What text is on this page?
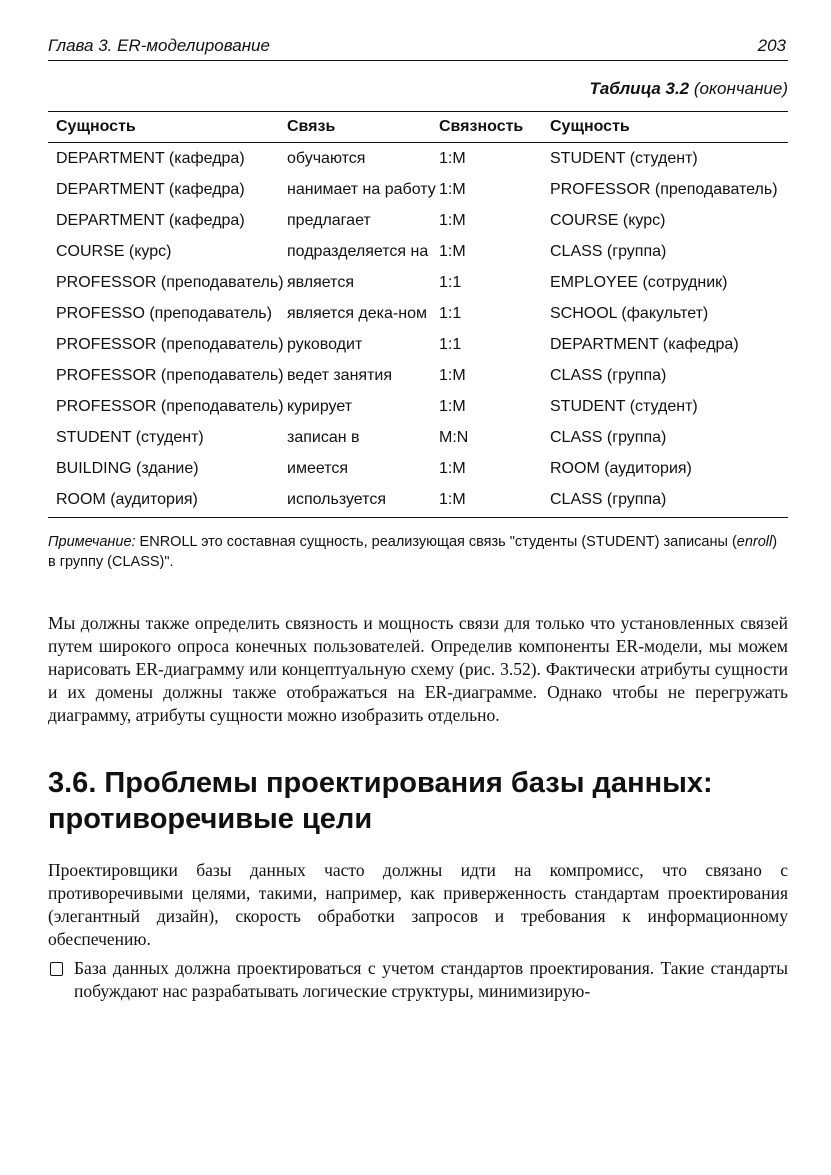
Глава 3. ER-моделирование	203
Таблица 3.2 (окончание)
Сущность	Связь	Связность	Сущность
DEPARTMENT (кафедра)	обучаются	1:M	STUDENT (студент)
DEPARTMENT (кафедра)	нанимает на работу	1:M	PROFESSOR (преподаватель)
DEPARTMENT (кафедра)	предлагает	1:M	COURSE (курс)
COURSE (курс)	подразделяется на	1:M	CLASS (группа)
PROFESSOR (преподаватель)	является	1:1	EMPLOYEE (сотрудник)
PROFESSO (преподаватель)	является дека-ном	1:1	SCHOOL (факультет)
PROFESSOR (преподаватель)	руководит	1:1	DEPARTMENT (кафедра)
PROFESSOR (преподаватель)	ведет занятия	1:M	CLASS (группа)
PROFESSOR (преподаватель)	курирует	1:M	STUDENT (студент)
STUDENT (студент)	записан в	M:N	CLASS (группа)
BUILDING (здание)	имеется	1:M	ROOM (аудитория)
ROOM (аудитория)	используется	1:M	CLASS (группа)
Примечание: ENROLL это составная сущность, реализующая связь "студенты (STUDENT) записаны (enroll) в группу (CLASS)".

Мы должны также определить связность и мощность связи для только что установленных связей путем широкого опроса конечных пользователей. Определив компоненты ER-модели, мы можем нарисовать ER-диаграмму или концептуальную схему (рис. 3.52). Фактически атрибуты сущности и их домены должны также отображаться на ER-диаграмме. Однако чтобы не перегружать диаграмму, атрибуты сущности можно изобразить отдельно.

3.6. Проблемы проектирования базы данных:
противоречивые цели

Проектировщики базы данных часто должны идти на компромисс, что связано с противоречивыми целями, такими, например, как приверженность стандартам проектирования (элегантный дизайн), скорость обработки запросов и требования к информационному обеспечению.

База данных должна проектироваться с учетом стандартов проектирования. Такие стандарты побуждают нас разрабатывать логические структуры, минимизирую-
